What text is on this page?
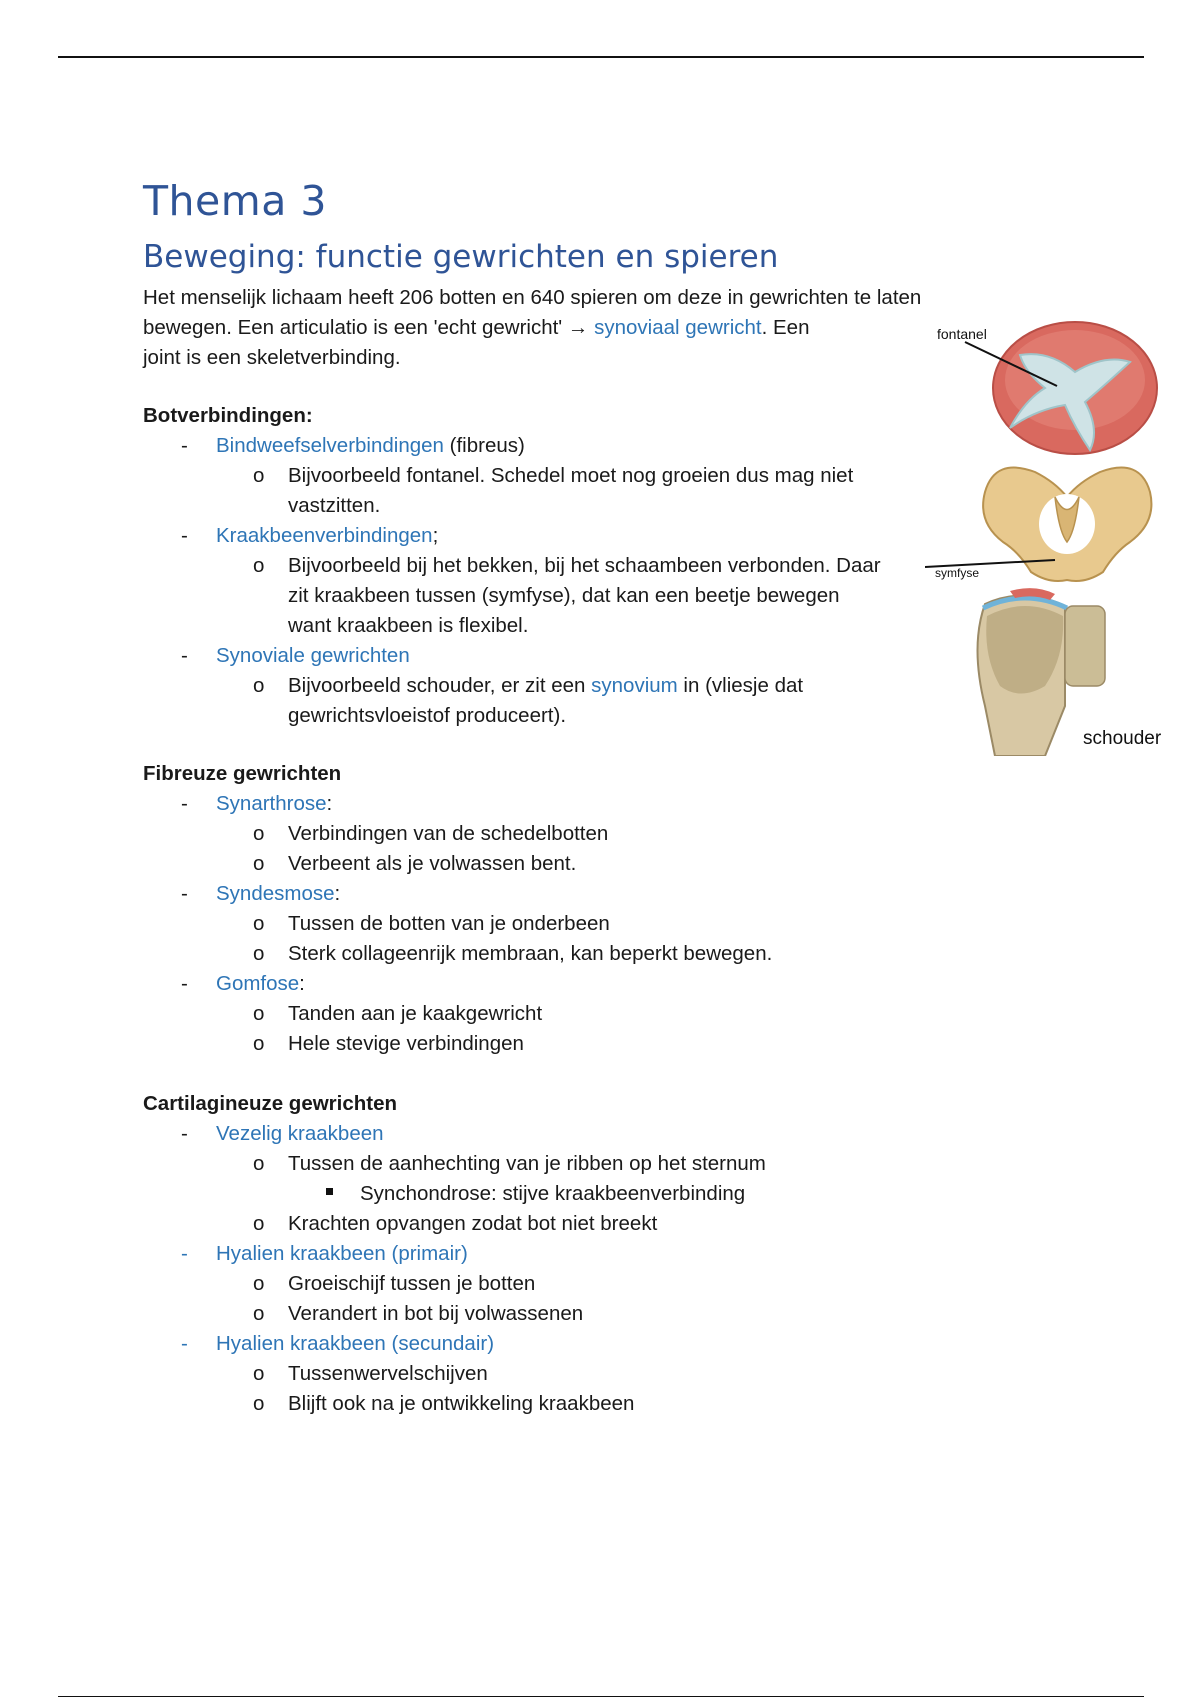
Thema 3
Beweging: functie gewrichten en spieren

Het menselijk lichaam heeft 206 botten en 640 spieren om deze in gewrichten te laten bewegen. Een articulatio is een 'echt gewricht' → synoviaal gewricht. Een
joint is een skeletverbinding.

Botverbindingen:

- Bindweefselverbindingen (fibreus)
o Bijvoorbeeld fontanel. Schedel moet nog groeien dus mag niet vastzitten.
- Kraakbeenverbindingen;
o Bijvoorbeeld bij het bekken, bij het schaambeen verbonden. Daar zit kraakbeen tussen (symfyse), dat kan een beetje bewegen want kraakbeen is flexibel.
- Synoviale gewrichten
o Bijvoorbeeld schouder, er zit een synovium in (vliesje dat gewrichtsvloeistof produceert).

Fibreuze gewrichten

- Synarthrose:
o Verbindingen van de schedelbotten
o Verbeent als je volwassen bent.
- Syndesmose:
o Tussen de botten van je onderbeen
o Sterk collageenrijk membraan, kan beperkt bewegen.
- Gomfose:
o Tanden aan je kaakgewricht
o Hele stevige verbindingen

Cartilagineuze gewrichten

- Vezelig kraakbeen
o Tussen de aanhechting van je ribben op het sternum
Synchondrose: stijve kraakbeenverbinding
o Krachten opvangen zodat bot niet breekt
- Hyalien kraakbeen (primair)
o Groeischijf tussen je botten
o Verandert in bot bij volwassenen
- Hyalien kraakbeen (secundair)
o Tussenwervelschijven
o Blijft ook na je ontwikkeling kraakbeen
fontanel
symfyse
schouder
